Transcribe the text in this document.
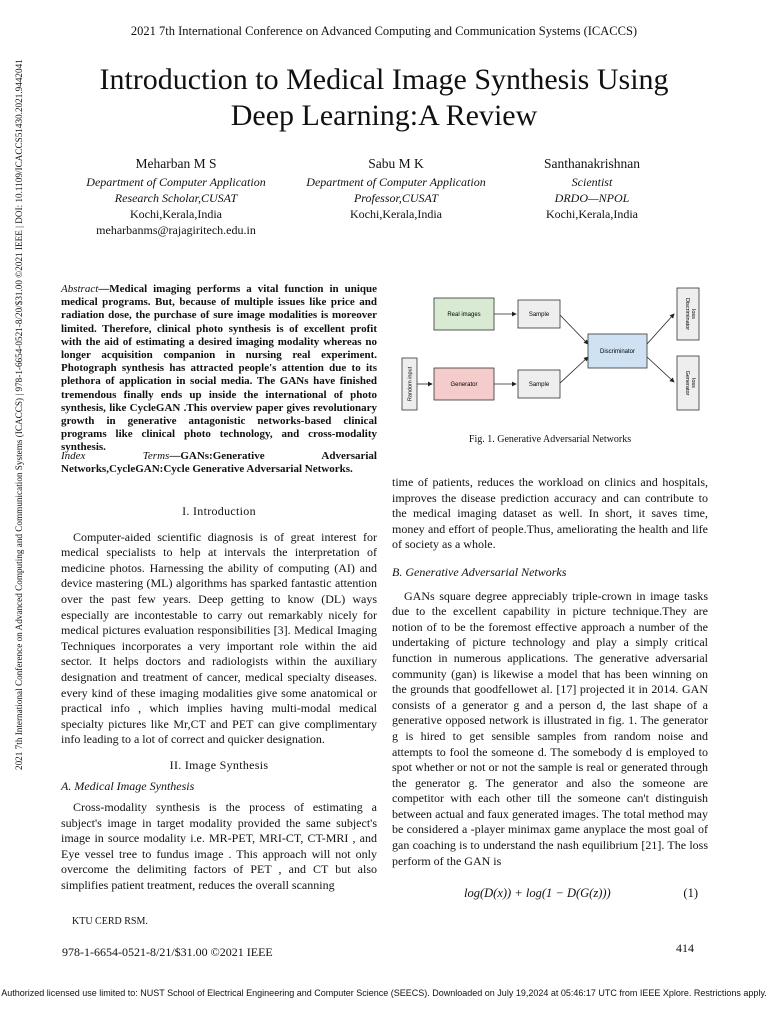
2021 7th International Conference on Advanced Computing and Communication Systems (ICACCS)
2021 7th International Conference on Advanced Computing and Communication Systems (ICACCS) | 978-1-6654-0521-8/20/$31.00 ©2021 IEEE | DOI: 10.1109/ICACCS51430.2021.9442041	Introduction to Medical Image Synthesis Using
Deep Learning:A Review
Meharban M S
Department of Computer Application
Research Scholar,CUSAT
Kochi,Kerala,India
meharbanms@rajagiritech.edu.in
Sabu M K
Department of Computer Application
Professor,CUSAT
Kochi,Kerala,India
Santhanakrishnan
Scientist
DRDO—NPOL
Kochi,Kerala,India
Abstract—Medical imaging performs a vital function in unique medical programs. But, because of multiple issues like price and radiation dose, the purchase of sure image modalities is moreover limited. Therefore, clinical photo synthesis is of excellent profit with the aid of estimating a desired imaging modality whereas no longer acquisition companion in nursing real experiment. Photograph synthesis has attracted people's attention due to its plethora of application in social media. The GANs have finished tremendous finally ends up inside the international of photo synthesis, like CycleGAN .This overview paper gives revolutionary growth in generative antagonistic networks-based clinical programs like clinical photo technology, and cross-modality synthesis.
Index Terms—GANs:Generative Adversarial Networks,CycleGAN:Cycle Generative Adversarial Networks.
I. Introduction

Computer-aided scientific diagnosis is of great interest for medical specialists to help at intervals the interpretation of medicine photos. Harnessing the ability of computing (AI) and device mastering (ML) algorithms has sparked fantastic attention over the past few years. Deep getting to know (DL) ways especially are incontestable to carry out remarkably nicely for medical pictures evaluation responsibilities [3]. Medical Imaging Techniques incorporates a very important role within the aid sector. It helps doctors and radiologists within the auxiliary designation and treatment of cancer, medical specialty diseases. every kind of these imaging modalities give some anatomical or practical info , which implies having multi-modal medical specialty pictures like Mr,CT and PET can give complimentary info leading to a lot of correct and quicker designation.

II. Image Synthesis
A. Medical Image Synthesis

Cross-modality synthesis is the process of estimating a subject's image in target modality provided the same subject's image in source modality i.e. MR-PET, MRI-CT, CT-MRI , and Eye vessel tree to fundus image . This approach will not only overcome the delimiting factors of PET , and CT but also simplifies patient treatment, reduces the overall scanning

Random input
Real images
Generator
Sample
Sample
Discriminator
Discriminator loss
Generator loss
Fig. 1. Generative Adversarial Networks

time of patients, reduces the workload on clinics and hospitals, improves the disease prediction accuracy and can contribute to the medical imaging dataset as well. In short, it saves time, money and effort of people.Thus, ameliorating the health and life of society as a whole.

B. Generative Adversarial Networks

GANs square degree appreciably triple-crown in image tasks due to the excellent capability in picture technique.They are notion of to be the foremost effective approach a number of the undertaking of picture technology and play a simply critical function in numerous applications. The generative adversarial community (gan) is likewise a model that has been winning on the grounds that goodfellowet al. [17] projected it in 2014. GAN consists of a generator g and a person d, the last shape of a generative opposed network is illustrated in fig. 1. The generator g is hired to get sensible samples from random noise and attempts to fool the someone d. The somebody d is employed to spot whether or not or not the sample is real or generated through the generator g. The generator and also the someone are competitor with each other till the someone can't distinguish between actual and faux generated images. The total method may be considered a -player minimax game anyplace the most goal of gan coaching is to understand the nash equilibrium [21]. The loss perform of the GAN is

log(D(x)) + log(1 − D(G(z)))	(1)
KTU CERD RSM.
978-1-6654-0521-8/21/$31.00 ©2021 IEEE	414
Authorized licensed use limited to: NUST School of Electrical Engineering and Computer Science (SEECS). Downloaded on July 19,2024 at 05:46:17 UTC from IEEE Xplore. Restrictions apply.
